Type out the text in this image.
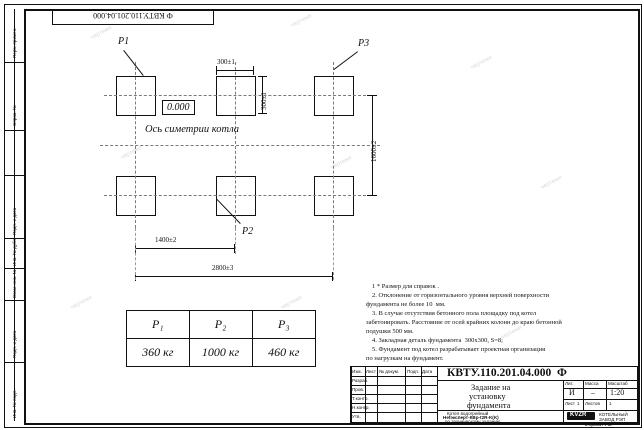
чертежи
чертежи
чертежи
чертежи
чертежи
чертежи
чертежи	чертежи
чертежи
Перв. примен.
Справ. №
Подп. и дата
Инв. № дубл.
Взам. инв. №
Подп. и дата
Инв. № подл.
Ф КВТУ.110.201.04.000
P1	P3
P2
0.000
Ось симетрии котла
300±1
300±1
1600±2
1400±2
2800±3
P₁	P₂	P₃
360 кг	1000 кг	460 кг
1 * Размер для справок .
2. Отклонение от горизонтального уровня верхней поверхности
фундамента не более 10  мм.
3. В случае отсутствия бетонного пола площадку под котел
забетонировать. Расстояние от осей крайних колонн до краю бетонной
подушки 500 мм.
4. Закладная деталь фундамента  300х300, Ѕ=8;
5. Фундамент под котел разрабатывает проектная организация
по нагрузкам на фундамент.
Изм. Лист № докум. Подп. Дата
Разраб.
Пров.
Т.контр.
Н.контр.
Утв.
КВТУ.110.201.04.000  Ф
Задание на
установку
фундамента
Лит.	Масса Масштаб
И – 1:20
Лист 1 Листов 1
Котел водогрейный
Неfэксперт-КВр-t2R-K(K)
по техническому заданию
KVZR	КОТЕЛЬНЫЙ
ЗАВОД РЭП
Формат A3
